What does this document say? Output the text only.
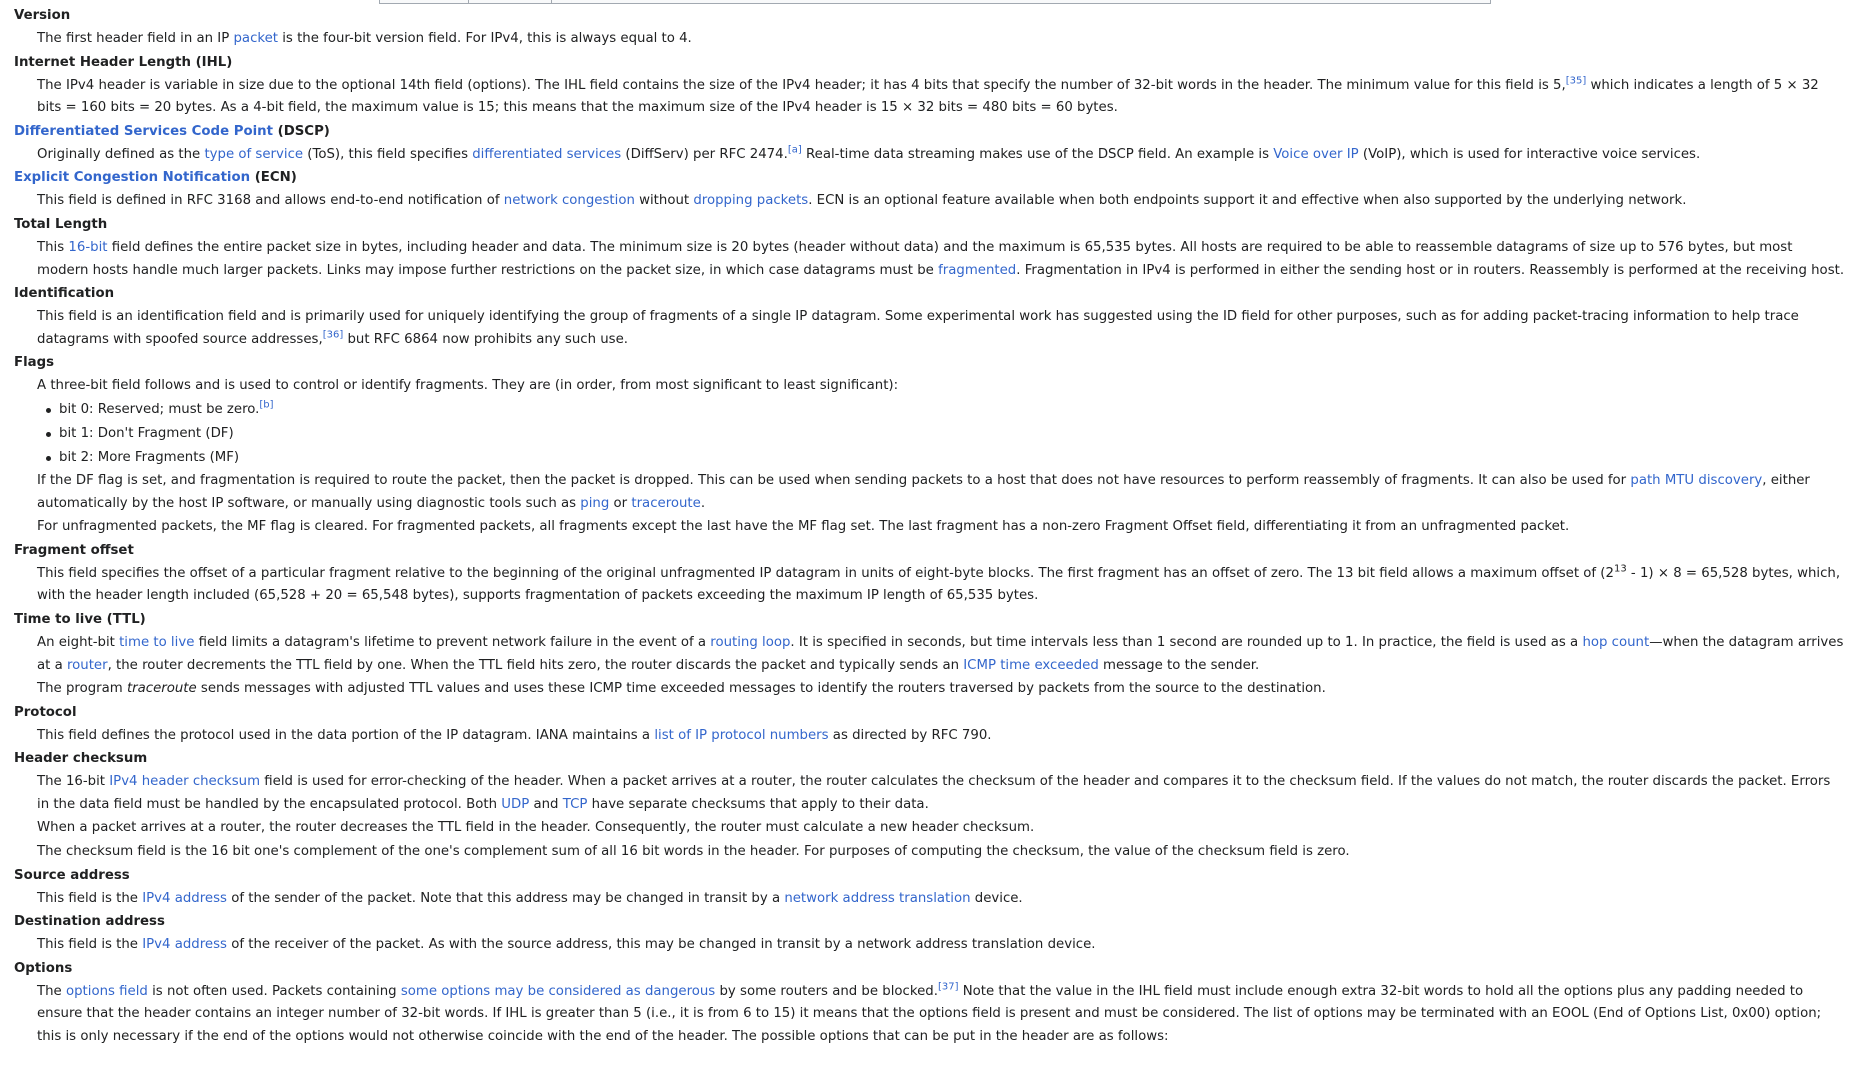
Version

The first header field in an IP packet is the four-bit version field. For IPv4, this is always equal to 4.

Internet Header Length (IHL)

The IPv4 header is variable in size due to the optional 14th field (options). The IHL field contains the size of the IPv4 header; it has 4 bits that specify the number of 32-bit words in the header. The minimum value for this field is 5,[35] which indicates a length of 5 × 32 bits = 160 bits = 20 bytes. As a 4-bit field, the maximum value is 15; this means that the maximum size of the IPv4 header is 15 × 32 bits = 480 bits = 60 bytes.

Differentiated Services Code Point (DSCP)

Originally defined as the type of service (ToS), this field specifies differentiated services (DiffServ) per RFC 2474.[a] Real-time data streaming makes use of the DSCP field. An example is Voice over IP (VoIP), which is used for interactive voice services.

Explicit Congestion Notification (ECN)

This field is defined in RFC 3168 and allows end-to-end notification of network congestion without dropping packets. ECN is an optional feature available when both endpoints support it and effective when also supported by the underlying network.

Total Length

This 16-bit field defines the entire packet size in bytes, including header and data. The minimum size is 20 bytes (header without data) and the maximum is 65,535 bytes. All hosts are required to be able to reassemble datagrams of size up to 576 bytes, but most modern hosts handle much larger packets. Links may impose further restrictions on the packet size, in which case datagrams must be fragmented. Fragmentation in IPv4 is performed in either the sending host or in routers. Reassembly is performed at the receiving host.

Identification

This field is an identification field and is primarily used for uniquely identifying the group of fragments of a single IP datagram. Some experimental work has suggested using the ID field for other purposes, such as for adding packet-tracing information to help trace datagrams with spoofed source addresses,[36] but RFC 6864 now prohibits any such use.

Flags

A three-bit field follows and is used to control or identify fragments. They are (in order, from most significant to least significant):

bit 0: Reserved; must be zero.[b]
bit 1: Don't Fragment (DF)
bit 2: More Fragments (MF)

If the DF flag is set, and fragmentation is required to route the packet, then the packet is dropped. This can be used when sending packets to a host that does not have resources to perform reassembly of fragments. It can also be used for path MTU discovery, either automatically by the host IP software, or manually using diagnostic tools such as ping or traceroute.

For unfragmented packets, the MF flag is cleared. For fragmented packets, all fragments except the last have the MF flag set. The last fragment has a non-zero Fragment Offset field, differentiating it from an unfragmented packet.

Fragment offset

This field specifies the offset of a particular fragment relative to the beginning of the original unfragmented IP datagram in units of eight-byte blocks. The first fragment has an offset of zero. The 13 bit field allows a maximum offset of $(2^{13} - 1) \times 8 = 65,528$ bytes, which, with the header length included (65,528 + 20 = 65,548 bytes), supports fragmentation of packets exceeding the maximum IP length of 65,535 bytes.

Time to live (TTL)

An eight-bit time to live field limits a datagram's lifetime to prevent network failure in the event of a routing loop. It is specified in seconds, but time intervals less than 1 second are rounded up to 1. In practice, the field is used as a hop count—when the datagram arrives at a router, the router decrements the TTL field by one. When the TTL field hits zero, the router discards the packet and typically sends an ICMP time exceeded message to the sender.

The program traceroute sends messages with adjusted TTL values and uses these ICMP time exceeded messages to identify the routers traversed by packets from the source to the destination.

Protocol

This field defines the protocol used in the data portion of the IP datagram. IANA maintains a list of IP protocol numbers as directed by RFC 790.

Header checksum

The 16-bit IPv4 header checksum field is used for error-checking of the header. When a packet arrives at a router, the router calculates the checksum of the header and compares it to the checksum field. If the values do not match, the router discards the packet. Errors in the data field must be handled by the encapsulated protocol. Both UDP and TCP have separate checksums that apply to their data.

When a packet arrives at a router, the router decreases the TTL field in the header. Consequently, the router must calculate a new header checksum.

The checksum field is the 16 bit one's complement of the one's complement sum of all 16 bit words in the header. For purposes of computing the checksum, the value of the checksum field is zero.

Source address

This field is the IPv4 address of the sender of the packet. Note that this address may be changed in transit by a network address translation device.

Destination address

This field is the IPv4 address of the receiver of the packet. As with the source address, this may be changed in transit by a network address translation device.

Options

The options field is not often used. Packets containing some options may be considered as dangerous by some routers and be blocked.[37] Note that the value in the IHL field must include enough extra 32-bit words to hold all the options plus any padding needed to ensure that the header contains an integer number of 32-bit words. If IHL is greater than 5 (i.e., it is from 6 to 15) it means that the options field is present and must be considered. The list of options may be terminated with an EOOL (End of Options List, 0x00) option; this is only necessary if the end of the options would not otherwise coincide with the end of the header. The possible options that can be put in the header are as follows:
